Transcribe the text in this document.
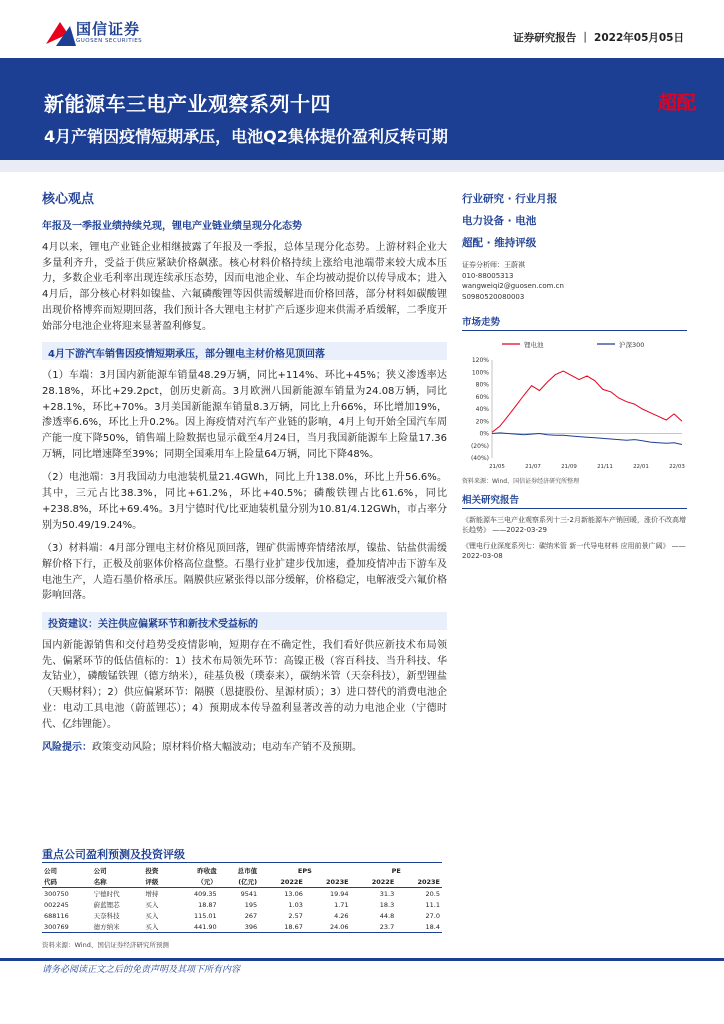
国信证券
GUOSEN SECURITIES	证券研究报告 ｜ 2022年05月05日
新能源车三电产业观察系列十四
4月产销因疫情短期承压，电池Q2集体提价盈利反转可期
超配
核心观点
年报及一季报业绩持续兑现，锂电产业链业绩呈现分化态势
4月以来，锂电产业链企业相继披露了年报及一季报，总体呈现分化态势。上游材料企业大多量利齐升，受益于供应紧缺价格飙涨。核心材料价格持续上涨给电池端带来较大成本压力，多数企业毛利率出现连续承压态势，因而电池企业、车企均被动提价以传导成本；进入4月后，部分核心材料如镍盐、六氟磷酸锂等因供需缓解进而价格回落，部分材料如碳酸锂出现价格博弈而短期回落，我们预计各大锂电主材扩产后逐步迎来供需矛盾缓解，二季度开始部分电池企业将迎来显著盈利修复。
4月下游汽车销售因疫情短期承压，部分锂电主材价格见顶回落
（1）车端：3月国内新能源车销量48.29万辆，同比+114%、环比+45%；狭义渗透率达28.18%，环比+29.2pct，创历史新高。3月欧洲八国新能源车销量为24.08万辆，同比+28.1%，环比+70%。3月美国新能源车销量8.3万辆，同比上升66%，环比增加19%，渗透率6.6%，环比上升0.2%。因上海疫情对汽车产业链的影响，4月上旬开始全国汽车周产能一度下降50%，销售端上险数据也显示截至4月24日，当月我国新能源车上险量17.36万辆，同比增速降至39%；同期全国乘用车上险量64万辆，同比下降48%。
（2）电池端：3月我国动力电池装机量21.4GWh，同比上升138.0%，环比上升56.6%。其中，三元占比38.3%，同比+61.2%，环比+40.5%；磷酸铁锂占比61.6%，同比+238.8%，环比+69.4%。3月宁德时代/比亚迪装机量分别为10.81/4.12GWh，市占率分别为50.49/19.24%。
（3）材料端：4月部分锂电主材价格见顶回落，锂矿供需博弈情绪浓厚，镍盐、钴盐供需缓解价格下行，正极及前驱体价格高位盘整。石墨行业扩建步伐加速，叠加疫情冲击下游车及电池生产，人造石墨价格承压。隔膜供应紧张得以部分缓解，价格稳定，电解液受六氟价格影响回落。
投资建议：关注供应偏紧环节和新技术受益标的
国内新能源销售和交付趋势受疫情影响，短期存在不确定性，我们看好供应新技术布局领先、偏紧环节的低估值标的：1）技术布局领先环节：高镍正极（容百科技、当升科技、华友钴业），磷酸锰铁锂（德方纳米），硅基负极（璞泰来），碳纳米管（天奈科技），新型锂盐（天赐材料）；2）供应偏紧环节：隔膜（恩捷股份、星源材质）；3）进口替代的消费电池企业：电动工具电池（蔚蓝锂芯）；4）预期成本传导盈利显著改善的动力电池企业（宁德时代、亿纬锂能）。
风险提示：政策变动风险；原材料价格大幅波动；电动车产销不及预期。
重点公司盈利预测及投资评级
公司	公司	投资	昨收盘	总市值	EPS		PE	
代码	名称	评级	（元）	(亿元)	2022E	2023E	2022E	2023E
300750	宁德时代	增持	409.35	9541	13.06	19.94	31.3	20.5
002245	蔚蓝锂芯	买入	18.87	195	1.03	1.71	18.3	11.1
688116	天奈科技	买入	115.01	267	2.57	4.26	44.8	27.0
300769	德方纳米	买入	441.90	396	18.67	24.06	23.7	18.4
资料来源：Wind、国信证券经济研究所预测
请务必阅读正文之后的免责声明及其项下所有内容
行业研究 · 行业月报
电力设备 · 电池
超配 · 维持评级
证券分析师：王蔚祺
010-88005313
wangweiqi2@guosen.com.cn
S0980520080003
市场走势
锂电池	沪深300
120%
100%
80%
60%
40%
20%
0%
(20%)
(40%)
21/05	21/07	21/09	21/11	22/01	22/03
资料来源：Wind、国信证券经济研究所整理
相关研究报告
《新能源车三电产业观察系列十三-2月新能源车产销回暖，涨价不改高增长趋势》 ——2022-03-29
《锂电行业深度系列七：碳纳米管 新一代导电材料 应用前景广阔》 ——2022-03-08
